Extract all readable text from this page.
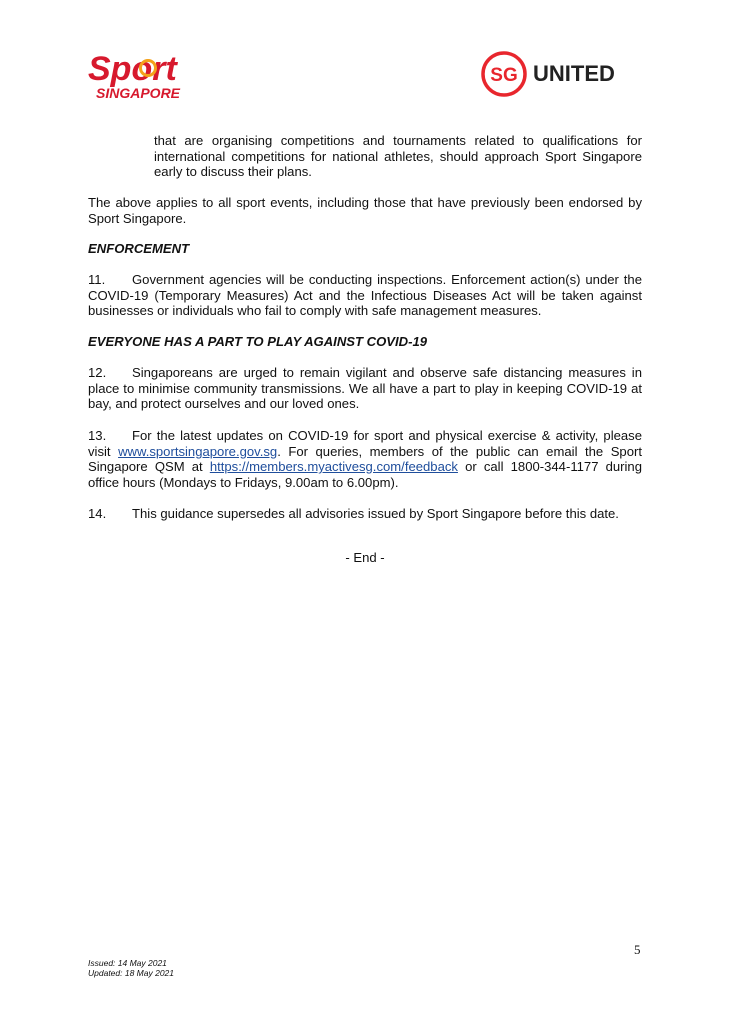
Sport
SINGAPORE
SG UNITED
that are organising competitions and tournaments related to qualifications for international competitions for national athletes, should approach Sport Singapore early to discuss their plans.
The above applies to all sport events, including those that have previously been endorsed by Sport Singapore.
ENFORCEMENT
11. Government agencies will be conducting inspections. Enforcement action(s) under the COVID-19 (Temporary Measures) Act and the Infectious Diseases Act will be taken against businesses or individuals who fail to comply with safe management measures.
EVERYONE HAS A PART TO PLAY AGAINST COVID-19
12. Singaporeans are urged to remain vigilant and observe safe distancing measures in place to minimise community transmissions. We all have a part to play in keeping COVID-19 at bay, and protect ourselves and our loved ones.
13. For the latest updates on COVID-19 for sport and physical exercise & activity, please visit www.sportsingapore.gov.sg. For queries, members of the public can email the Sport Singapore QSM at https://members.myactivesg.com/feedback or call 1800-344-1177 during office hours (Mondays to Fridays, 9.00am to 6.00pm).
14. This guidance supersedes all advisories issued by Sport Singapore before this date.
- End -
5
Issued: 14 May 2021
Updated: 18 May 2021
